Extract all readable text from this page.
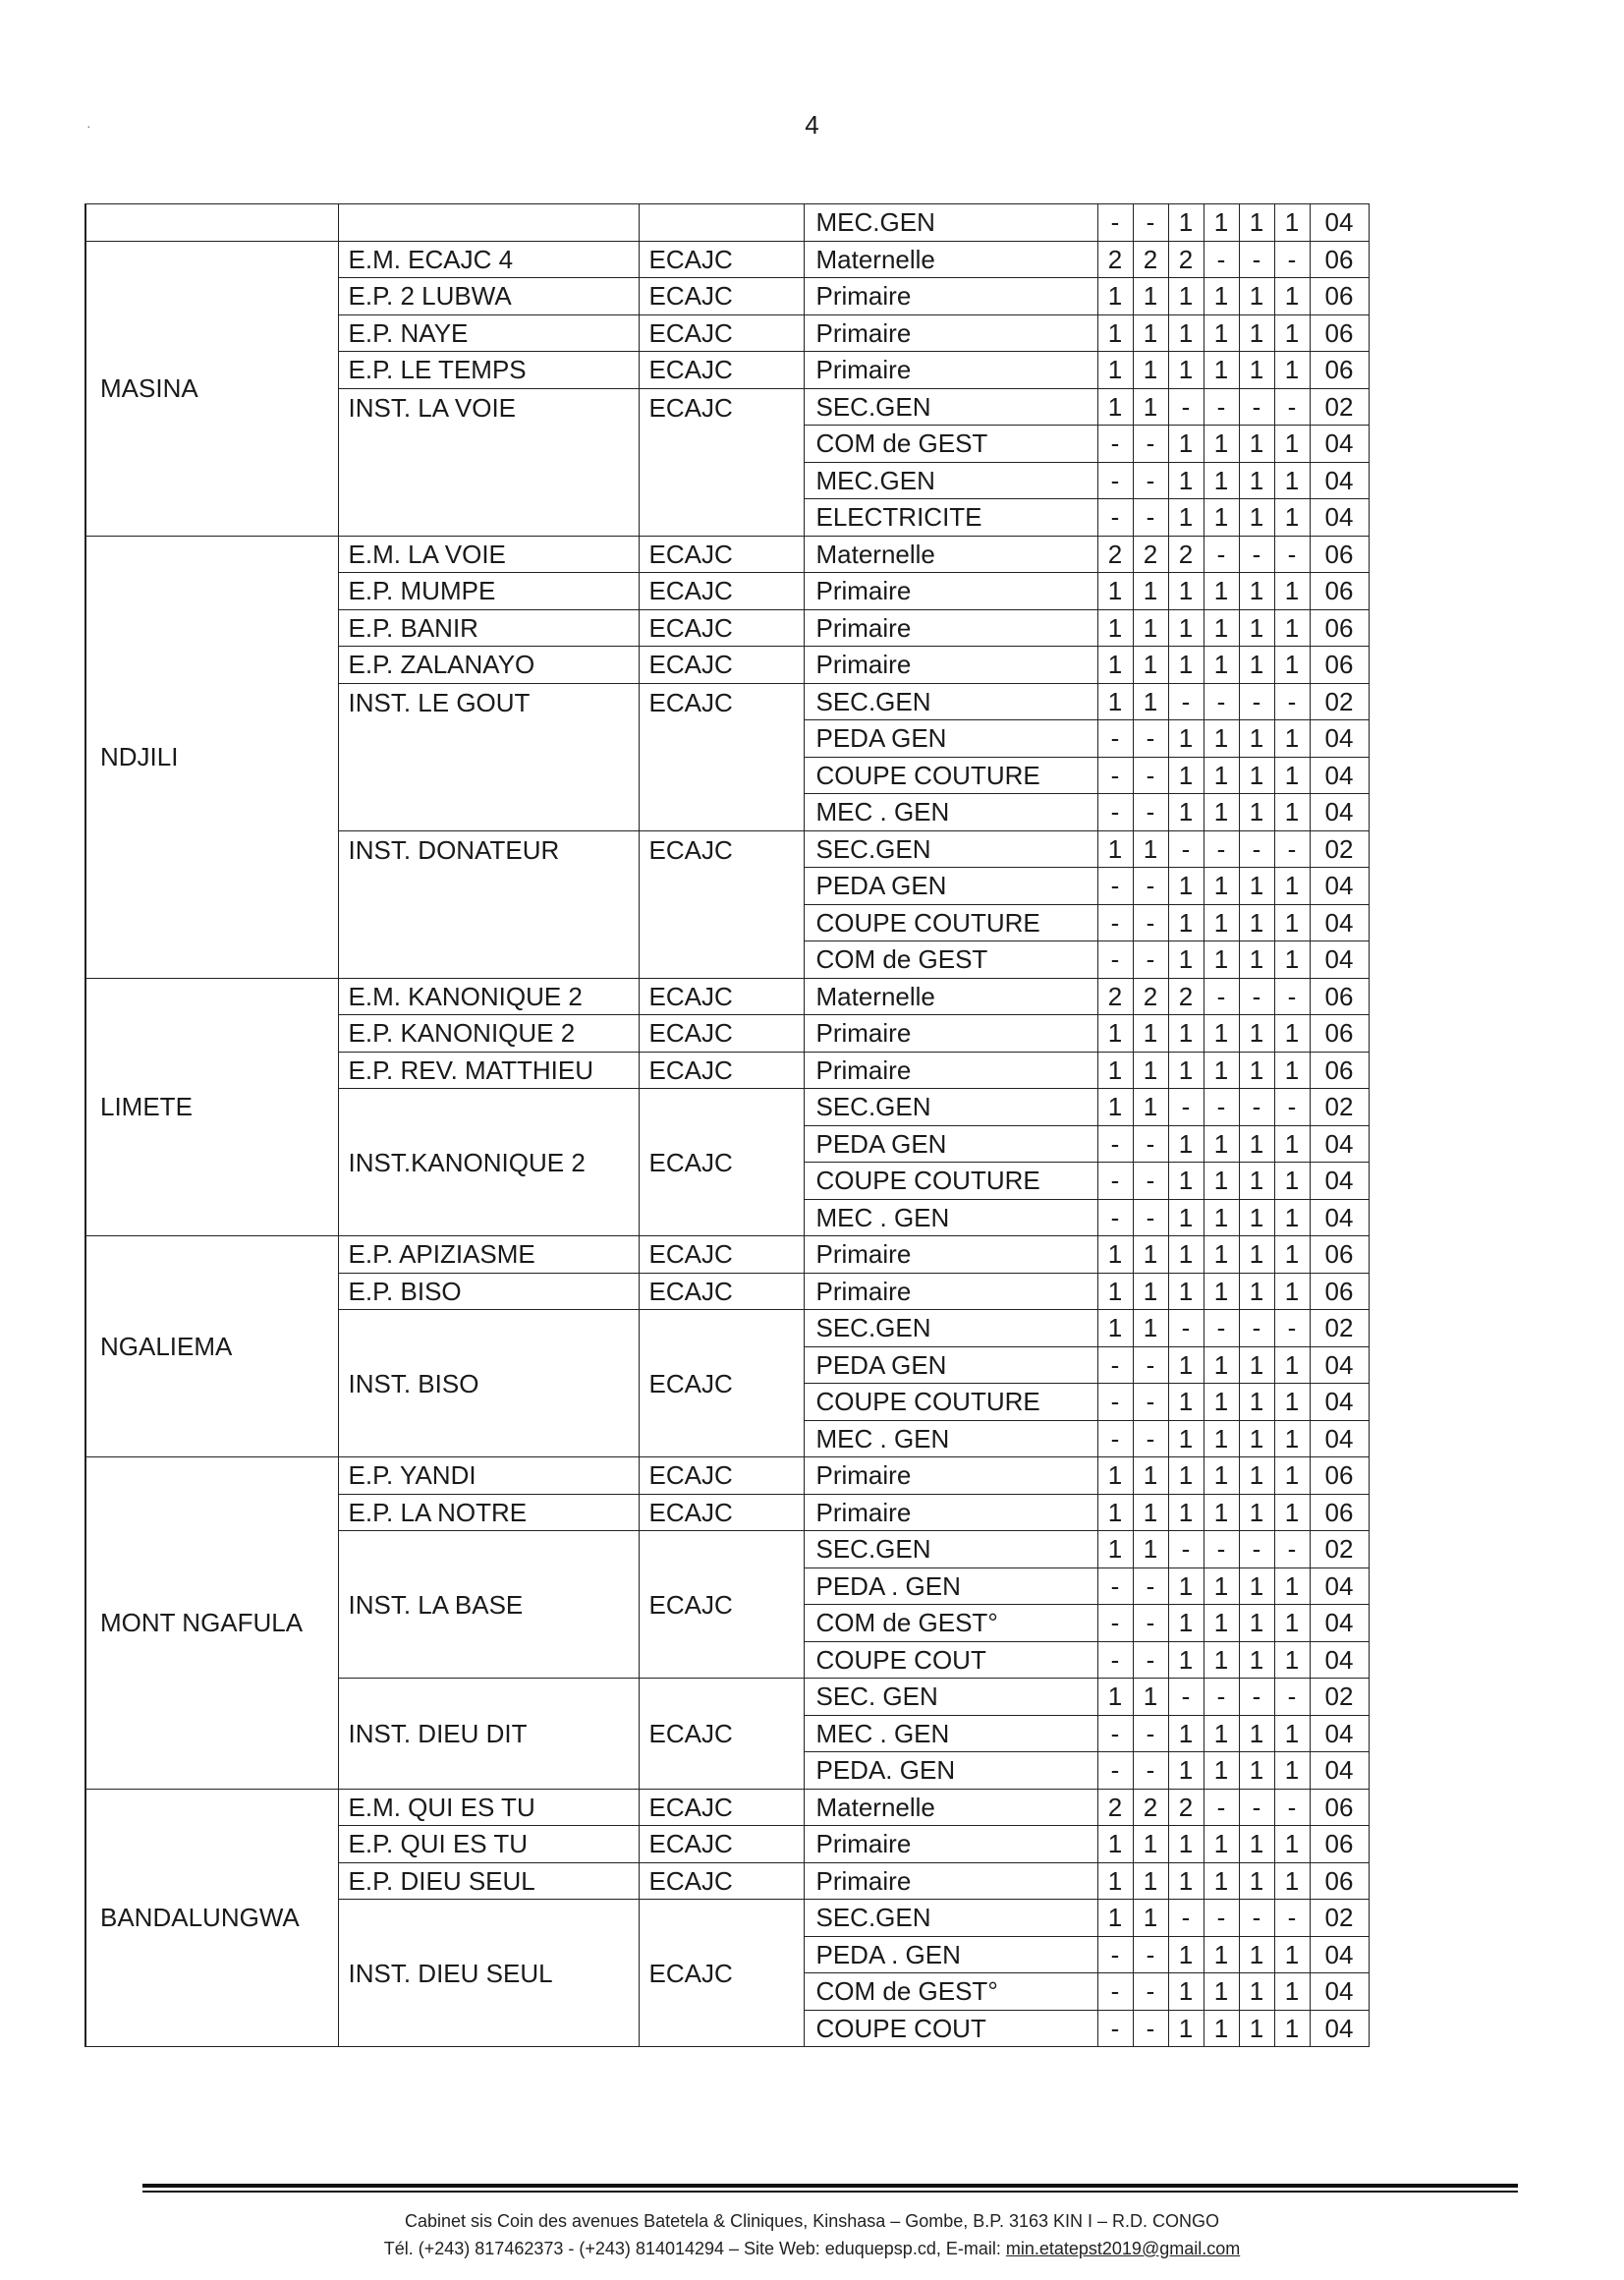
·	4
			MEC.GEN	-	-	1	1	1	1	04
MASINA	E.M. ECAJC 4	ECAJC	Maternelle	2	2	2	-	-	-	06
	E.P. 2 LUBWA	ECAJC	Primaire	1	1	1	1	1	1	06
	E.P. NAYE	ECAJC	Primaire	1	1	1	1	1	1	06
	E.P. LE TEMPS	ECAJC	Primaire	1	1	1	1	1	1	06
	INST. LA VOIE	ECAJC	SEC.GEN	1	1	-	-	-	-	02
			COM de GEST	-	-	1	1	1	1	04
			MEC.GEN	-	-	1	1	1	1	04
			ELECTRICITE	-	-	1	1	1	1	04
NDJILI	E.M. LA VOIE	ECAJC	Maternelle	2	2	2	-	-	-	06
	E.P. MUMPE	ECAJC	Primaire	1	1	1	1	1	1	06
	E.P. BANIR	ECAJC	Primaire	1	1	1	1	1	1	06
	E.P. ZALANAYO	ECAJC	Primaire	1	1	1	1	1	1	06
	INST. LE GOUT	ECAJC	SEC.GEN	1	1	-	-	-	-	02
			PEDA GEN	-	-	1	1	1	1	04
			COUPE COUTURE	-	-	1	1	1	1	04
			MEC . GEN	-	-	1	1	1	1	04
	INST. DONATEUR	ECAJC	SEC.GEN	1	1	-	-	-	-	02
			PEDA GEN	-	-	1	1	1	1	04
			COUPE COUTURE	-	-	1	1	1	1	04
			COM de GEST	-	-	1	1	1	1	04
LIMETE	E.M. KANONIQUE 2	ECAJC	Maternelle	2	2	2	-	-	-	06
	E.P. KANONIQUE 2	ECAJC	Primaire	1	1	1	1	1	1	06
	E.P. REV. MATTHIEU	ECAJC	Primaire	1	1	1	1	1	1	06
	INST.KANONIQUE 2	ECAJC	SEC.GEN	1	1	-	-	-	-	02
			PEDA GEN	-	-	1	1	1	1	04
			COUPE COUTURE	-	-	1	1	1	1	04
			MEC . GEN	-	-	1	1	1	1	04
NGALIEMA	E.P. APIZIASME	ECAJC	Primaire	1	1	1	1	1	1	06
	E.P. BISO	ECAJC	Primaire	1	1	1	1	1	1	06
	INST. BISO	ECAJC	SEC.GEN	1	1	-	-	-	-	02
			PEDA GEN	-	-	1	1	1	1	04
			COUPE COUTURE	-	-	1	1	1	1	04
			MEC . GEN	-	-	1	1	1	1	04
MONT NGAFULA	E.P. YANDI	ECAJC	Primaire	1	1	1	1	1	1	06
	E.P. LA NOTRE	ECAJC	Primaire	1	1	1	1	1	1	06
	INST. LA BASE	ECAJC	SEC.GEN	1	1	-	-	-	-	02
			PEDA . GEN	-	-	1	1	1	1	04
			COM de GEST°	-	-	1	1	1	1	04
			COUPE COUT	-	-	1	1	1	1	04
	INST. DIEU DIT	ECAJC	SEC. GEN	1	1	-	-	-	-	02
			MEC . GEN	-	-	1	1	1	1	04
			PEDA. GEN	-	-	1	1	1	1	04
BANDALUNGWA	E.M. QUI ES TU	ECAJC	Maternelle	2	2	2	-	-	-	06
	E.P. QUI ES TU	ECAJC	Primaire	1	1	1	1	1	1	06
	E.P. DIEU SEUL	ECAJC	Primaire	1	1	1	1	1	1	06
	INST. DIEU SEUL	ECAJC	SEC.GEN	1	1	-	-	-	-	02
			PEDA . GEN	-	-	1	1	1	1	04
			COM de GEST°	-	-	1	1	1	1	04
			COUPE COUT	-	-	1	1	1	1	04
Cabinet sis Coin des avenues Batetela & Cliniques, Kinshasa – Gombe, B.P. 3163 KIN I – R.D. CONGO
Tél. (+243) 817462373 - (+243) 814014294 – Site Web: eduquepsp.cd, E-mail: min.etatepst2019@gmail.com
